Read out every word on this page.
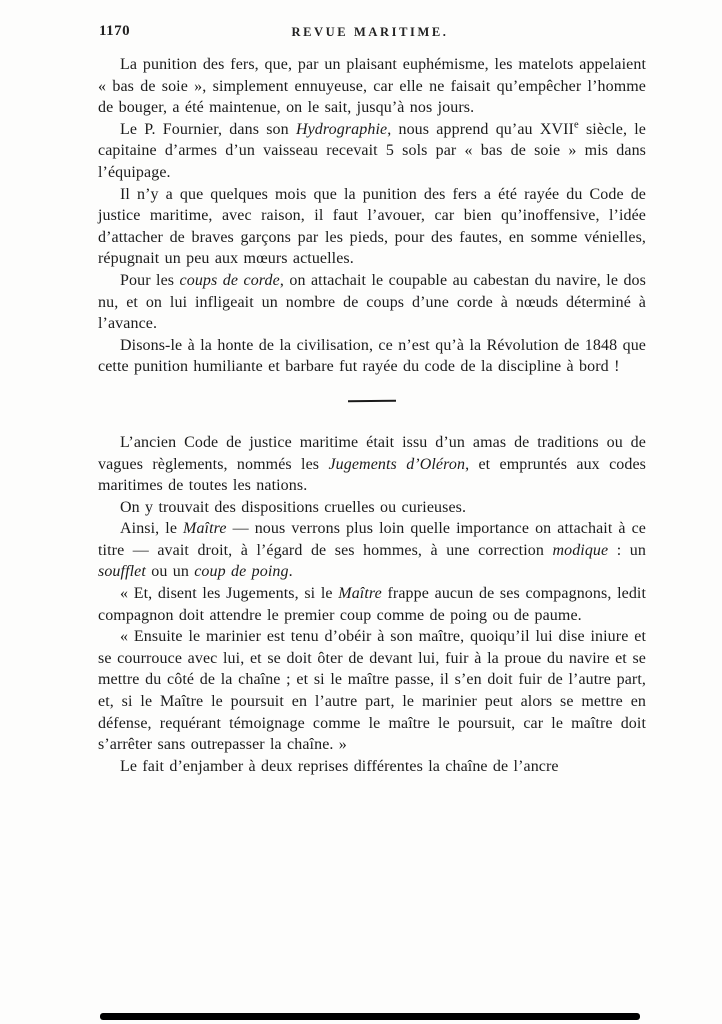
1170	REVUE MARITIME.

La punition des fers, que, par un plaisant euphémisme, les matelots appelaient « bas de soie », simplement ennuyeuse, car elle ne faisait qu’empêcher l’homme de bouger, a été maintenue, on le sait, jusqu’à nos jours.

Le P. Fournier, dans son Hydrographie, nous apprend qu’au XVIIe siècle, le capitaine d’armes d’un vaisseau recevait 5 sols par « bas de soie » mis dans l’équipage.

Il n’y a que quelques mois que la punition des fers a été rayée du Code de justice maritime, avec raison, il faut l’avouer, car bien qu’inoffensive, l’idée d’attacher de braves garçons par les pieds, pour des fautes, en somme vénielles, répugnait un peu aux mœurs actuelles.

Pour les coups de corde, on attachait le coupable au cabestan du navire, le dos nu, et on lui infligeait un nombre de coups d’une corde à nœuds déterminé à l’avance.

Disons-le à la honte de la civilisation, ce n’est qu’à la Révolution de 1848 que cette punition humiliante et barbare fut rayée du code de la discipline à bord !

L’ancien Code de justice maritime était issu d’un amas de traditions ou de vagues règlements, nommés les Jugements d’Oléron, et empruntés aux codes maritimes de toutes les nations.

On y trouvait des dispositions cruelles ou curieuses.

Ainsi, le Maître — nous verrons plus loin quelle importance on attachait à ce titre — avait droit, à l’égard de ses hommes, à une correction modique : un soufflet ou un coup de poing.

« Et, disent les Jugements, si le Maître frappe aucun de ses compagnons, ledit compagnon doit attendre le premier coup comme de poing ou de paume.

« Ensuite le marinier est tenu d’obéir à son maître, quoiqu’il lui dise iniure et se courrouce avec lui, et se doit ôter de devant lui, fuir à la proue du navire et se mettre du côté de la chaîne ; et si le maître passe, il s’en doit fuir de l’autre part, et, si le Maître le poursuit en l’autre part, le marinier peut alors se mettre en défense, requérant témoignage comme le maître le poursuit, car le maître doit s’arrêter sans outrepasser la chaîne. »

Le fait d’enjamber à deux reprises différentes la chaîne de l’ancre
